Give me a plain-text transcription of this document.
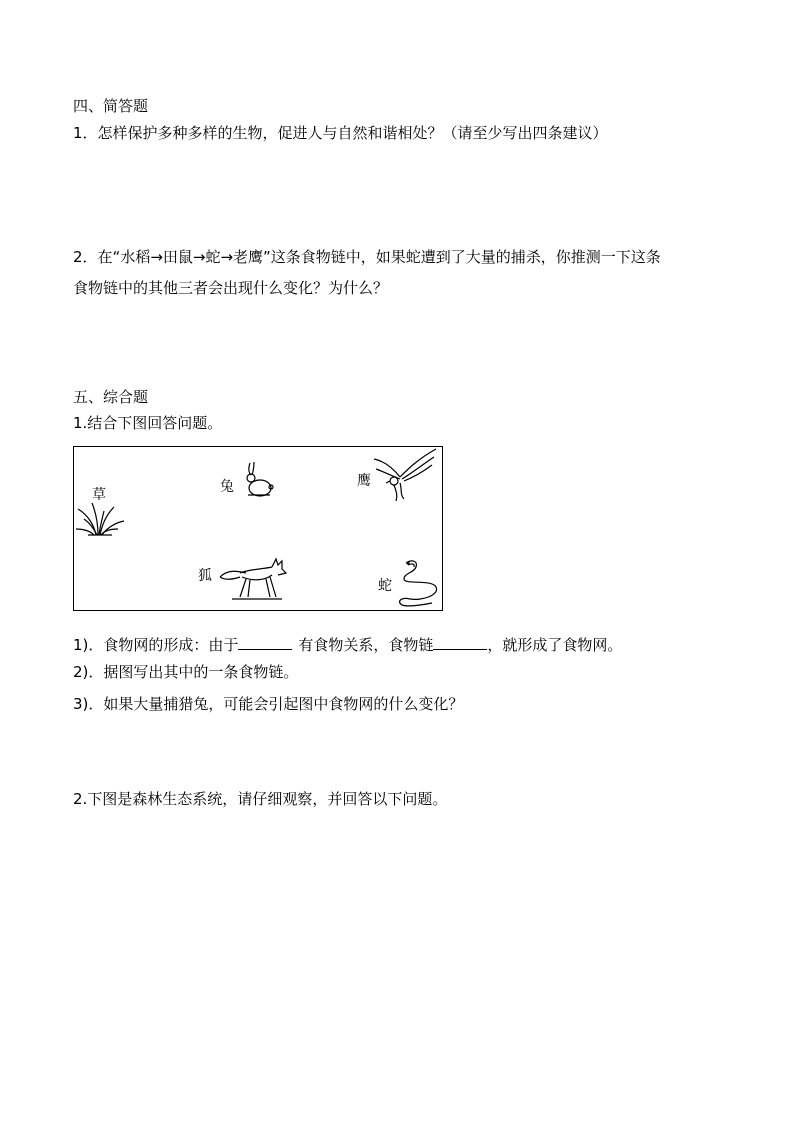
四、简答题
1．怎样保护多种多样的生物，促进人与自然和谐相处？（请至少写出四条建议）
2．在“水稻→田鼠→蛇→老鹰”这条食物链中，如果蛇遭到了大量的捕杀，你推测一下这条
食物链中的其他三者会出现什么变化？为什么？
五、综合题
1.结合下图回答问题。
草	兔	鹰
狐
蛇
1)．食物网的形成：由于	有食物关系，食物链	，就形成了食物网。
2)．据图写出其中的一条食物链。
3)．如果大量捕猎兔，可能会引起图中食物网的什么变化？
2.下图是森林生态系统，请仔细观察，并回答以下问题。
